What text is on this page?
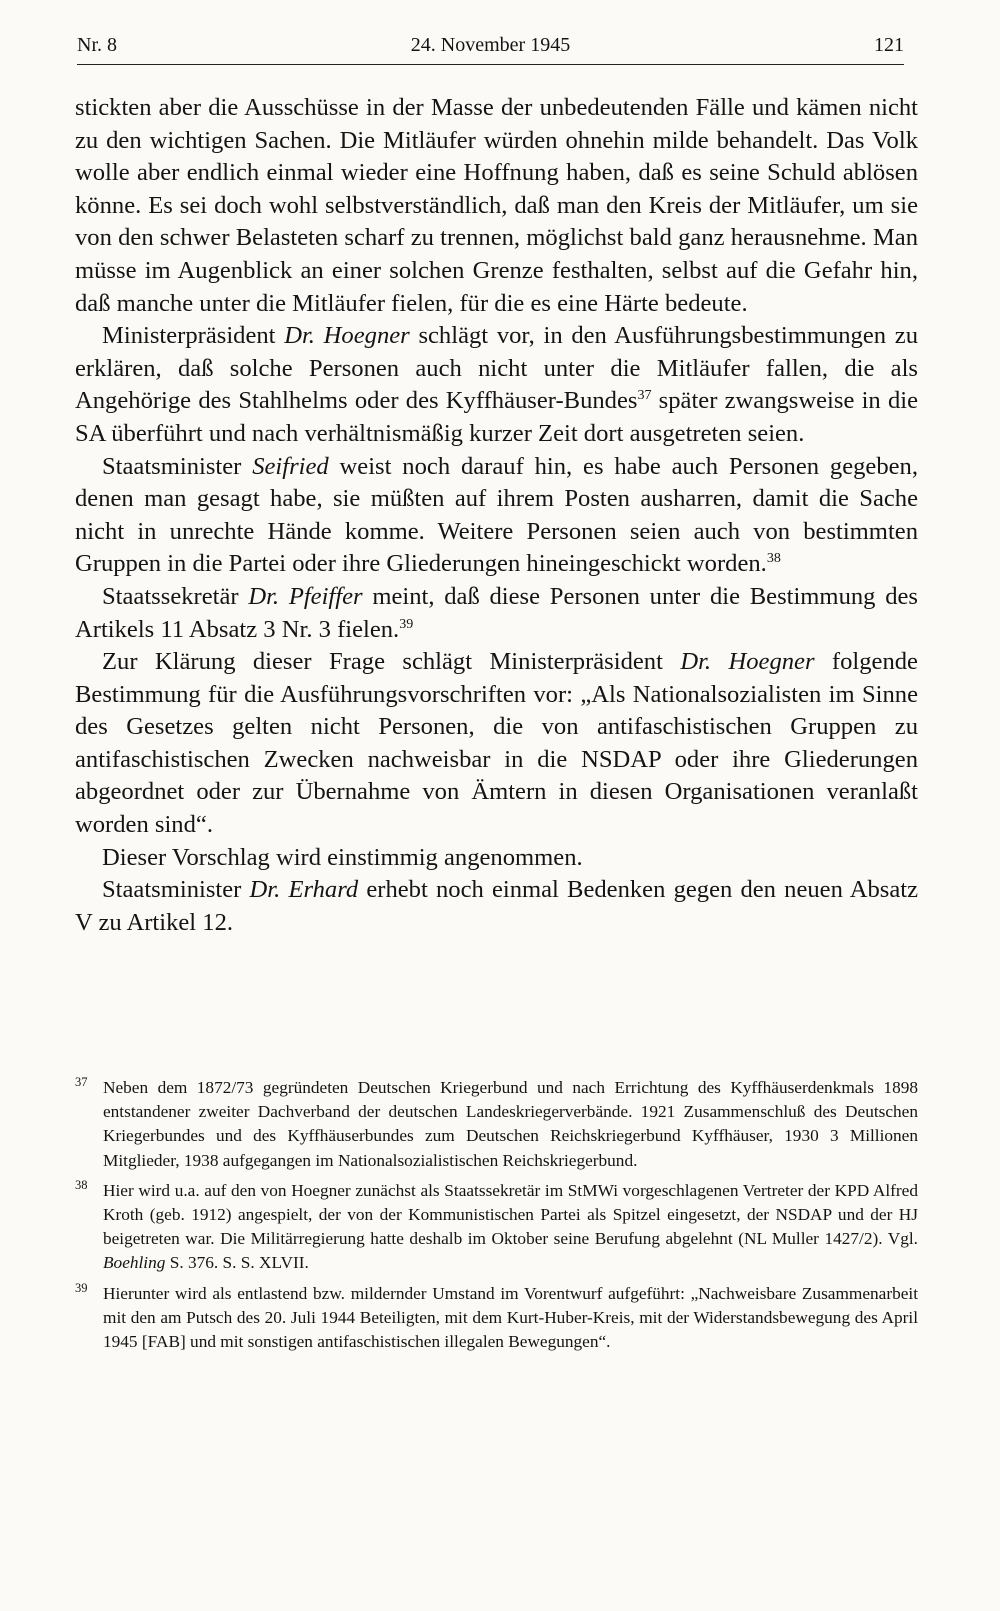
Nr. 8	24. November 1945	121

stickten aber die Ausschüsse in der Masse der unbedeutenden Fälle und kämen nicht zu den wichtigen Sachen. Die Mitläufer würden ohnehin milde behandelt. Das Volk wolle aber endlich einmal wieder eine Hoffnung haben, daß es seine Schuld ablösen könne. Es sei doch wohl selbstverständlich, daß man den Kreis der Mitläufer, um sie von den schwer Belasteten scharf zu trennen, möglichst bald ganz herausnehme. Man müsse im Augenblick an einer solchen Grenze festhalten, selbst auf die Gefahr hin, daß manche unter die Mitläufer fielen, für die es eine Härte bedeute.

Ministerpräsident Dr. Hoegner schlägt vor, in den Ausführungsbestimmungen zu erklären, daß solche Personen auch nicht unter die Mitläufer fallen, die als Angehörige des Stahlhelms oder des Kyffhäuser-Bundes$^{37}$ später zwangsweise in die SA überführt und nach verhältnismäßig kurzer Zeit dort ausgetreten seien.

Staatsminister Seifried weist noch darauf hin, es habe auch Personen gegeben, denen man gesagt habe, sie müßten auf ihrem Posten ausharren, damit die Sache nicht in unrechte Hände komme. Weitere Personen seien auch von bestimmten Gruppen in die Partei oder ihre Gliederungen hineingeschickt worden.$^{38}$

Staatssekretär Dr. Pfeiffer meint, daß diese Personen unter die Bestimmung des Artikels 11 Absatz 3 Nr. 3 fielen.$^{39}$

Zur Klärung dieser Frage schlägt Ministerpräsident Dr. Hoegner folgende Bestimmung für die Ausführungsvorschriften vor: „Als Nationalsozialisten im Sinne des Gesetzes gelten nicht Personen, die von antifaschistischen Gruppen zu antifaschistischen Zwecken nachweisbar in die NSDAP oder ihre Gliederungen abgeordnet oder zur Übernahme von Ämtern in diesen Organisationen veranlaßt worden sind“.

Dieser Vorschlag wird einstimmig angenommen.

Staatsminister Dr. Erhard erhebt noch einmal Bedenken gegen den neuen Absatz V zu Artikel 12.

37 Neben dem 1872/73 gegründeten Deutschen Kriegerbund und nach Errichtung des Kyffhäuserdenkmals 1898 entstandener zweiter Dachverband der deutschen Landeskriegerverbände. 1921 Zusammenschluß des Deutschen Kriegerbundes und des Kyffhäuserbundes zum Deutschen Reichskriegerbund Kyffhäuser, 1930 3 Millionen Mitglieder, 1938 aufgegangen im Nationalsozialistischen Reichskriegerbund.
38 Hier wird u.a. auf den von Hoegner zunächst als Staatssekretär im StMWi vorgeschlagenen Vertreter der KPD Alfred Kroth (geb. 1912) angespielt, der von der Kommunistischen Partei als Spitzel eingesetzt, der NSDAP und der HJ beigetreten war. Die Militärregierung hatte deshalb im Oktober seine Berufung abgelehnt (NL Muller 1427/2). Vgl. Boehling S. 376. S. S. XLVII.
39 Hierunter wird als entlastend bzw. mildernder Umstand im Vorentwurf aufgeführt: „Nachweisbare Zusammenarbeit mit den am Putsch des 20. Juli 1944 Beteiligten, mit dem Kurt-Huber-Kreis, mit der Widerstandsbewegung des April 1945 [FAB] und mit sonstigen antifaschistischen illegalen Bewegungen“.
